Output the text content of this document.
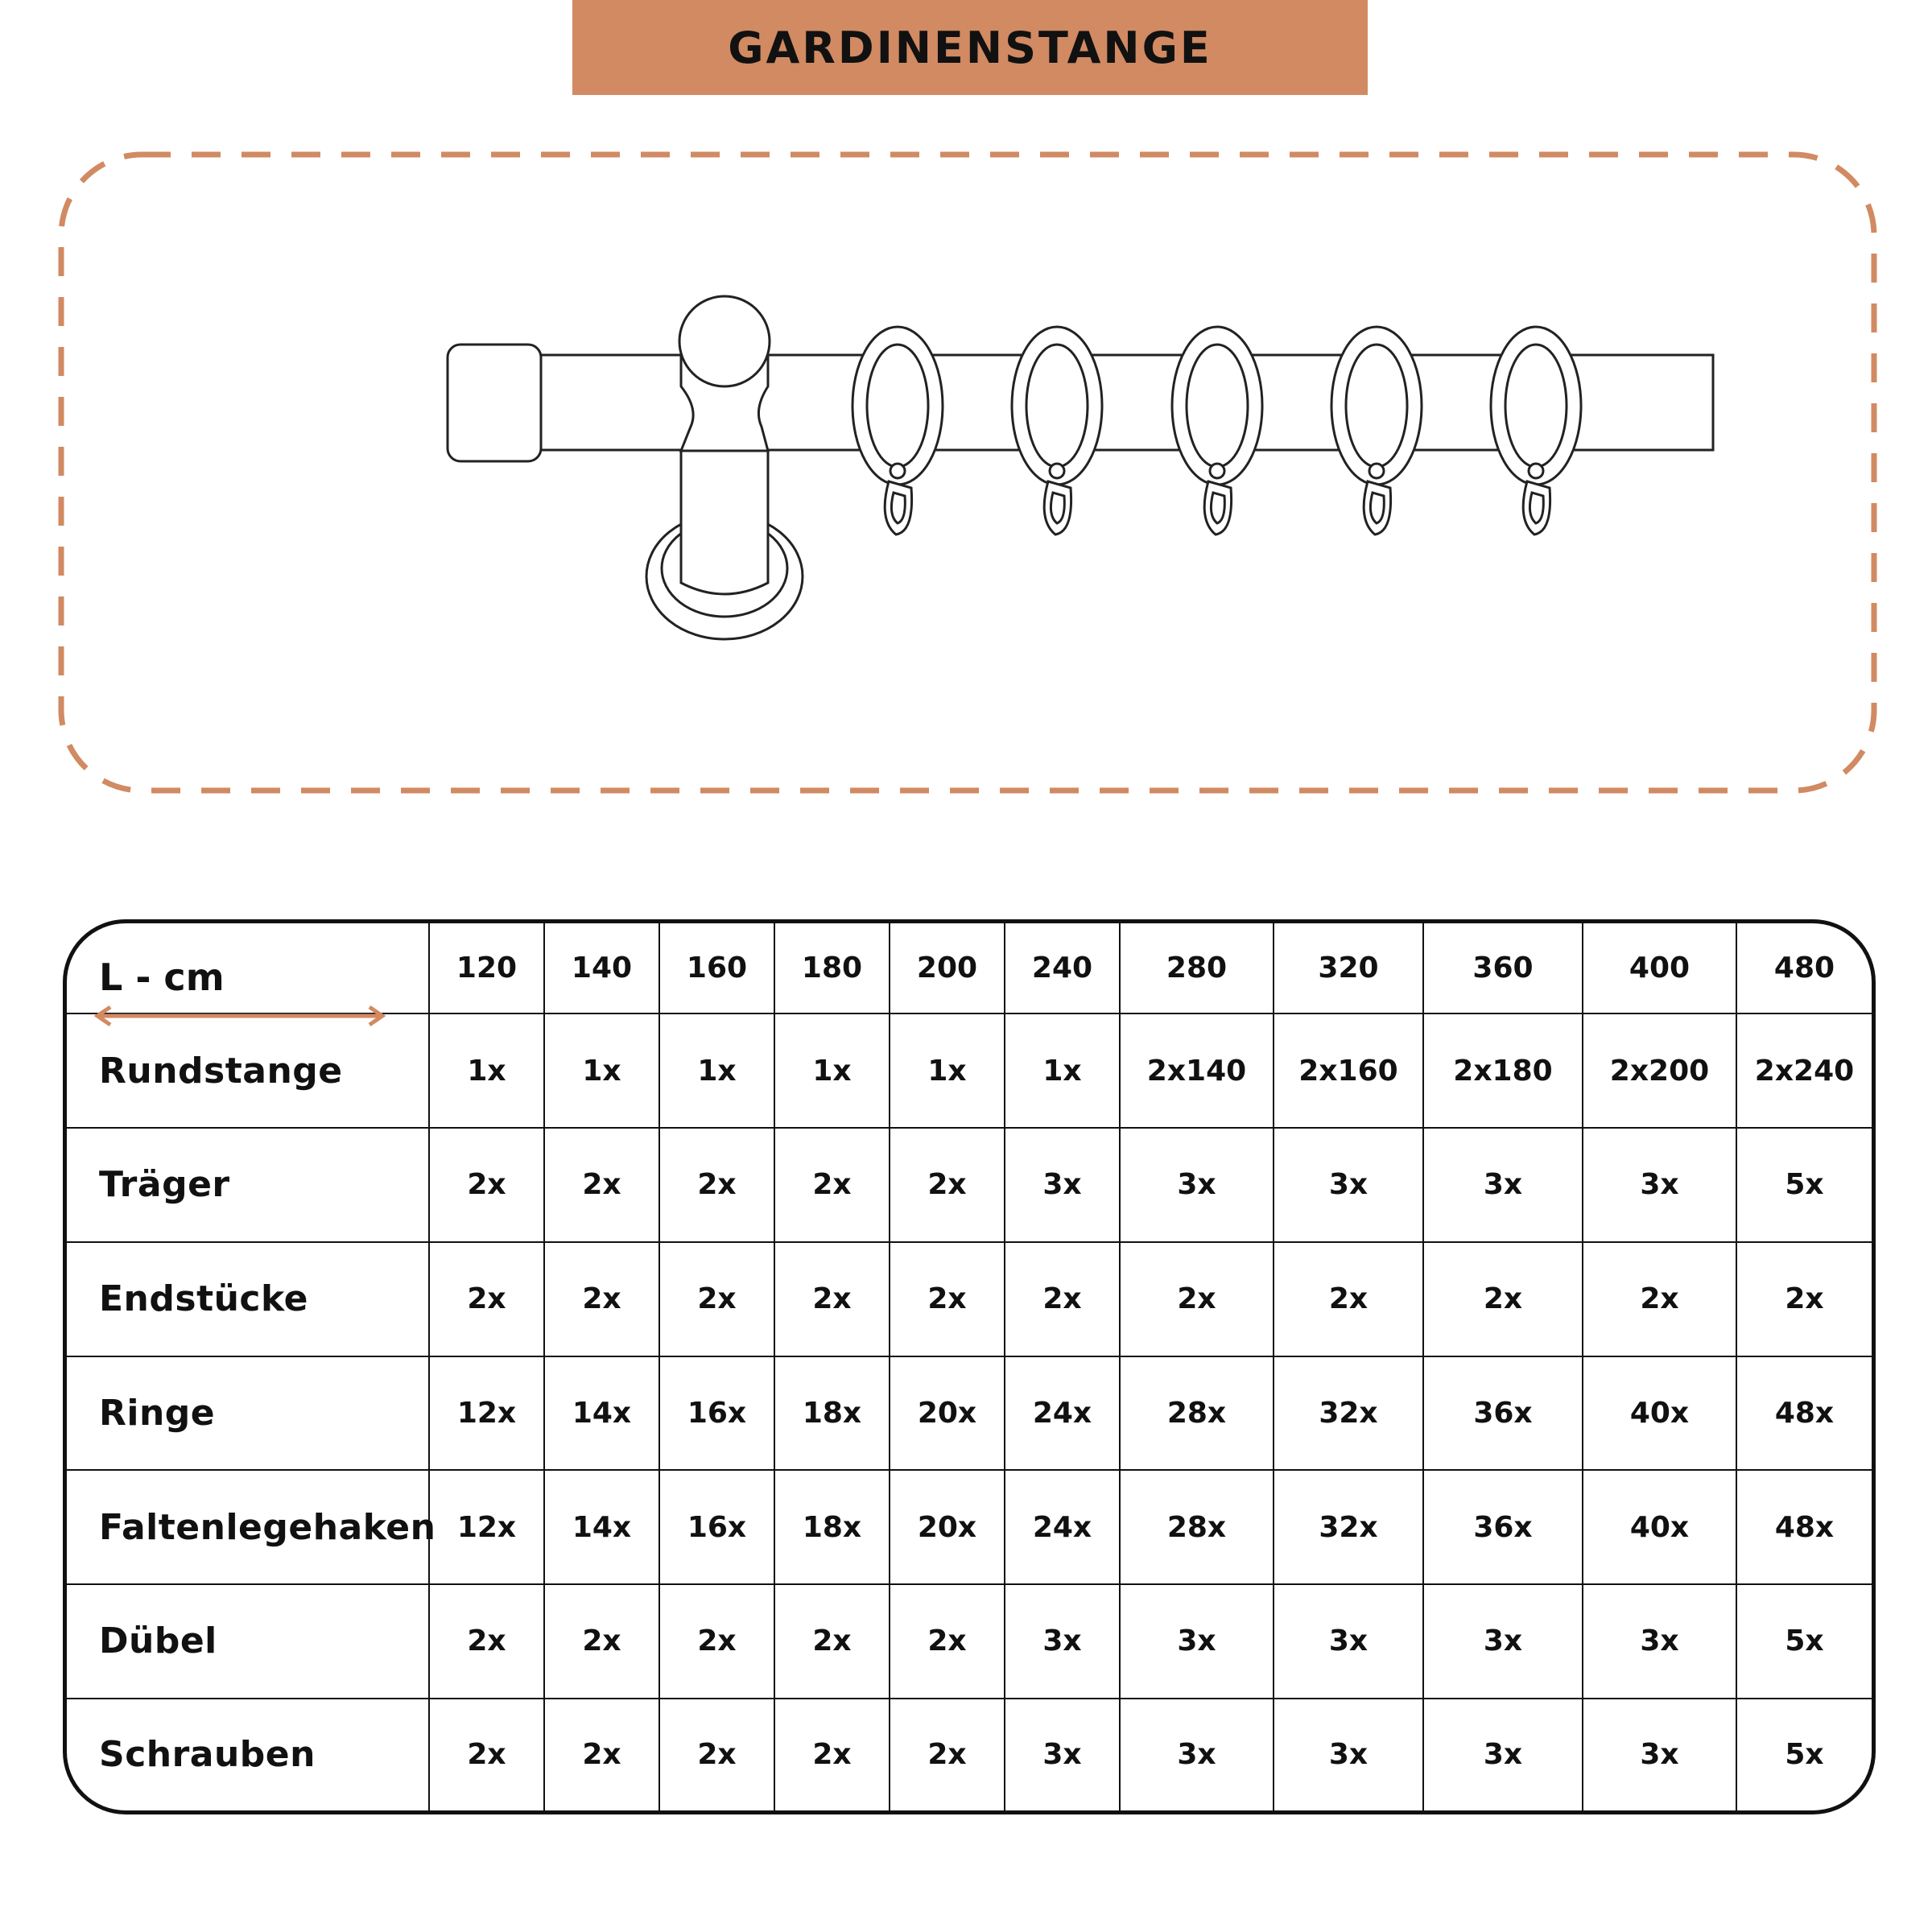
GARDINENSTANGE
L - cm	120	140	160	180	200	240	280	320	360	400	480
Rundstange	1x	1x	1x	1x	1x	1x	2x140	2x160	2x180	2x200	2x240
Träger	2x	2x	2x	2x	2x	3x	3x	3x	3x	3x	5x
Endstücke	2x	2x	2x	2x	2x	2x	2x	2x	2x	2x	2x
Ringe	12x	14x	16x	18x	20x	24x	28x	32x	36x	40x	48x
Faltenlegehaken	12x	14x	16x	18x	20x	24x	28x	32x	36x	40x	48x
Dübel	2x	2x	2x	2x	2x	3x	3x	3x	3x	3x	5x
Schrauben	2x	2x	2x	2x	2x	3x	3x	3x	3x	3x	5x
